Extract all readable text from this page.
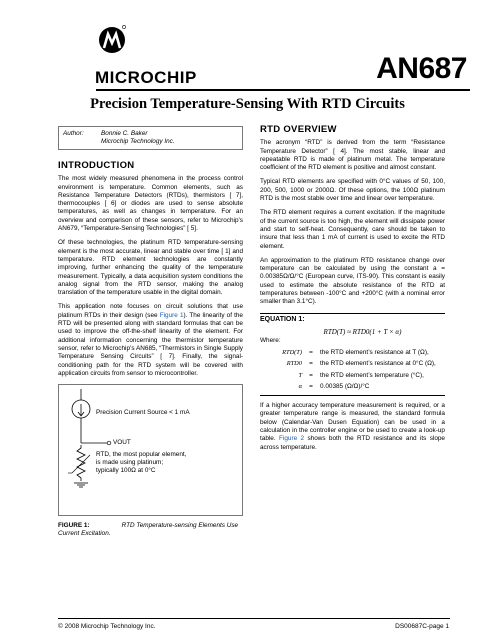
MICROCHIP	AN687
Precision Temperature-Sensing With RTD Circuits
Author:	Bonnie C. Baker
Microchip Technology Inc.
INTRODUCTION

The most widely measured phenomena in the process control environment is temperature. Common elements, such as Resistance Temperature Detectors (RTDs), thermistors [ 7], thermocouples [ 6] or diodes are used to sense absolute temperatures, as well as changes in temperature. For an overview and comparison of these sensors, refer to Microchip’s AN679, “Temperature-Sensing Technologies” [ 5].

Of these technologies, the platinum RTD temperature-sensing element is the most accurate, linear and stable over time [ 1] and temperature. RTD element technologies are constantly improving, further enhancing the quality of the temperature measurement. Typically, a data acquisition system conditions the analog signal from the RTD sensor, making the analog translation of the temperature usable in the digital domain.

This application note focuses on circuit solutions that use platinum RTDs in their design (see Figure 1). The linearity of the RTD will be presented along with standard formulas that can be used to improve the off-the-shelf linearity of the element. For additional information concerning the thermistor temperature sensor, refer to Microchip’s AN685, “Thermistors in Single Supply Temperature Sensing Circuits” [ 7]. Finally, the signal-conditioning path for the RTD system will be covered with application circuits from sensor to microcontroller.

Precision Current Source < 1 mA
VOUT
RTD, the most popular element,
is made using platinum;
typically 100Ω at 0°C
FIGURE 1:	RTD Temperature-sensing Elements Use Current Excitation.
RTD OVERVIEW

The acronym “RTD” is derived from the term “Resistance Temperature Detector” [ 4]. The most stable, linear and repeatable RTD is made of platinum metal. The temperature coefficient of the RTD element is positive and almost constant.

Typical RTD elements are specified with 0°C values of 50, 100, 200, 500, 1000 or 2000Ω. Of these options, the 100Ω platinum RTD is the most stable over time and linear over temperature.

The RTD element requires a current excitation. If the magnitude of the current source is too high, the element will dissipate power and start to self-heat. Consequently, care should be taken to insure that less than 1 mA of current is used to excite the RTD element.

An approximation to the platinum RTD resistance change over temperature can be calculated by using the constant a = 0.00385Ω/Ω/°C (European curve, ITS-90). This constant is easily used to estimate the absolute resistance of the RTD at temperatures between -100°C and +200°C (with a nominal error smaller than 3.1°C).

EQUATION 1:
RTD(T) ≈ RTD0(1 + T × α)
Where:
RTD(T)	=	the RTD element’s resistance at T (Ω),
RTD0	=	the RTD element’s resistance at 0°C (Ω),
T	=	the RTD element’s temperature (°C),
α	=	0.00385 (Ω/Ω)/°C

If a higher accuracy temperature measurement is required, or a greater temperature range is measured, the standard formula below (Calendar-Van Dusen Equation) can be used in a calculation in the controller engine or be used to create a look-up table. Figure 2 shows both the RTD resistance and its slope across temperature.

© 2008 Microchip Technology Inc.	DS00687C-page 1
